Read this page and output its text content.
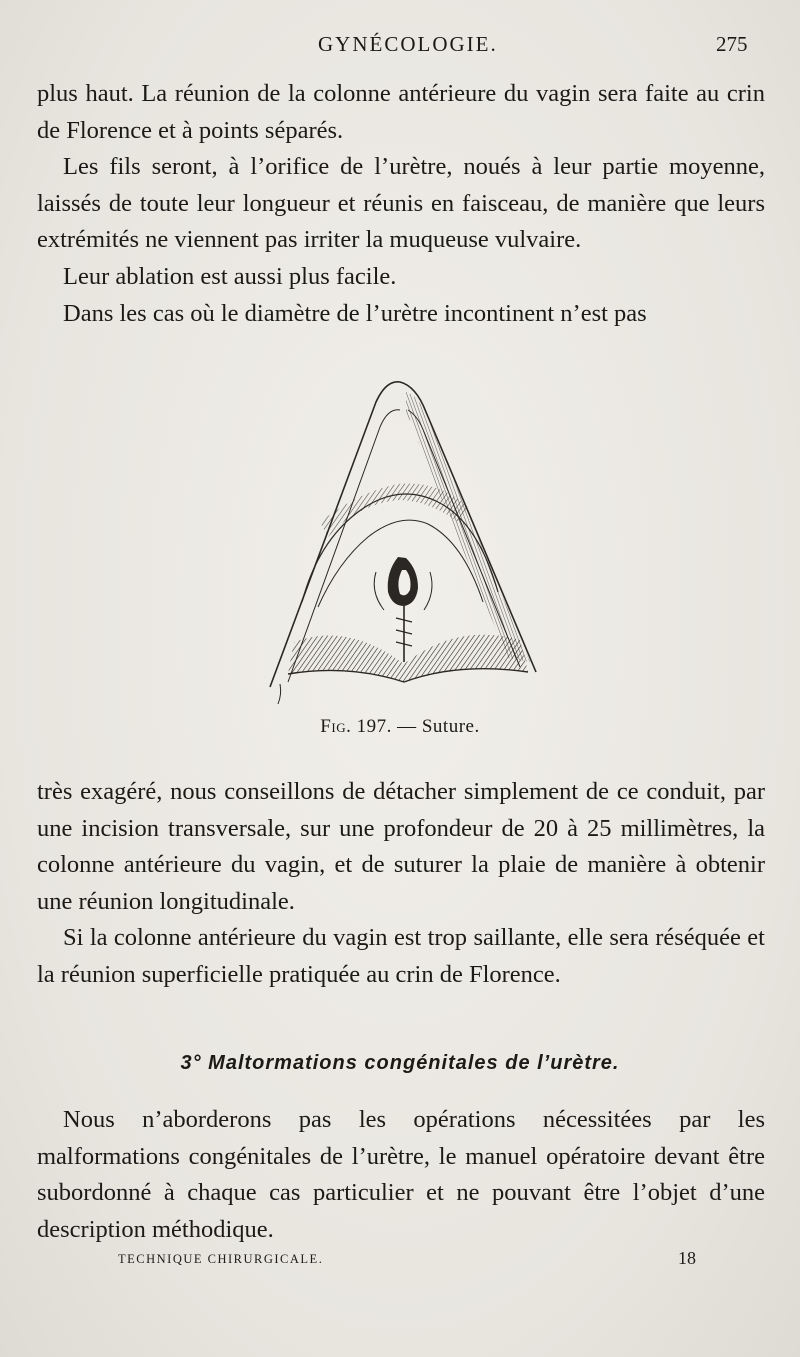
GYNÉCOLOGIE.	275

plus haut. La réunion de la colonne antérieure du vagin sera faite au crin de Florence et à points séparés.

Les fils seront, à l’orifice de l’urètre, noués à leur partie moyenne, laissés de toute leur longueur et réunis en faisceau, de manière que leurs extrémités ne viennent pas irriter la muqueuse vulvaire.

Leur ablation est aussi plus facile.

Dans les cas où le diamètre de l’urètre incontinent n’est pas

Fig. 197. — Suture.

très exagéré, nous conseillons de détacher simplement de ce conduit, par une incision transversale, sur une profondeur de 20 à 25 millimètres, la colonne antérieure du vagin, et de suturer la plaie de manière à obtenir une réunion longitudinale.

Si la colonne antérieure du vagin est trop saillante, elle sera réséquée et la réunion superficielle pratiquée au crin de Florence.

3° Maltormations congénitales de l’urètre.

Nous n’aborderons pas les opérations nécessitées par les malformations congénitales de l’urètre, le manuel opératoire devant être subordonné à chaque cas particulier et ne pouvant être l’objet d’une description méthodique.

TECHNIQUE CHIRURGICALE.	18
